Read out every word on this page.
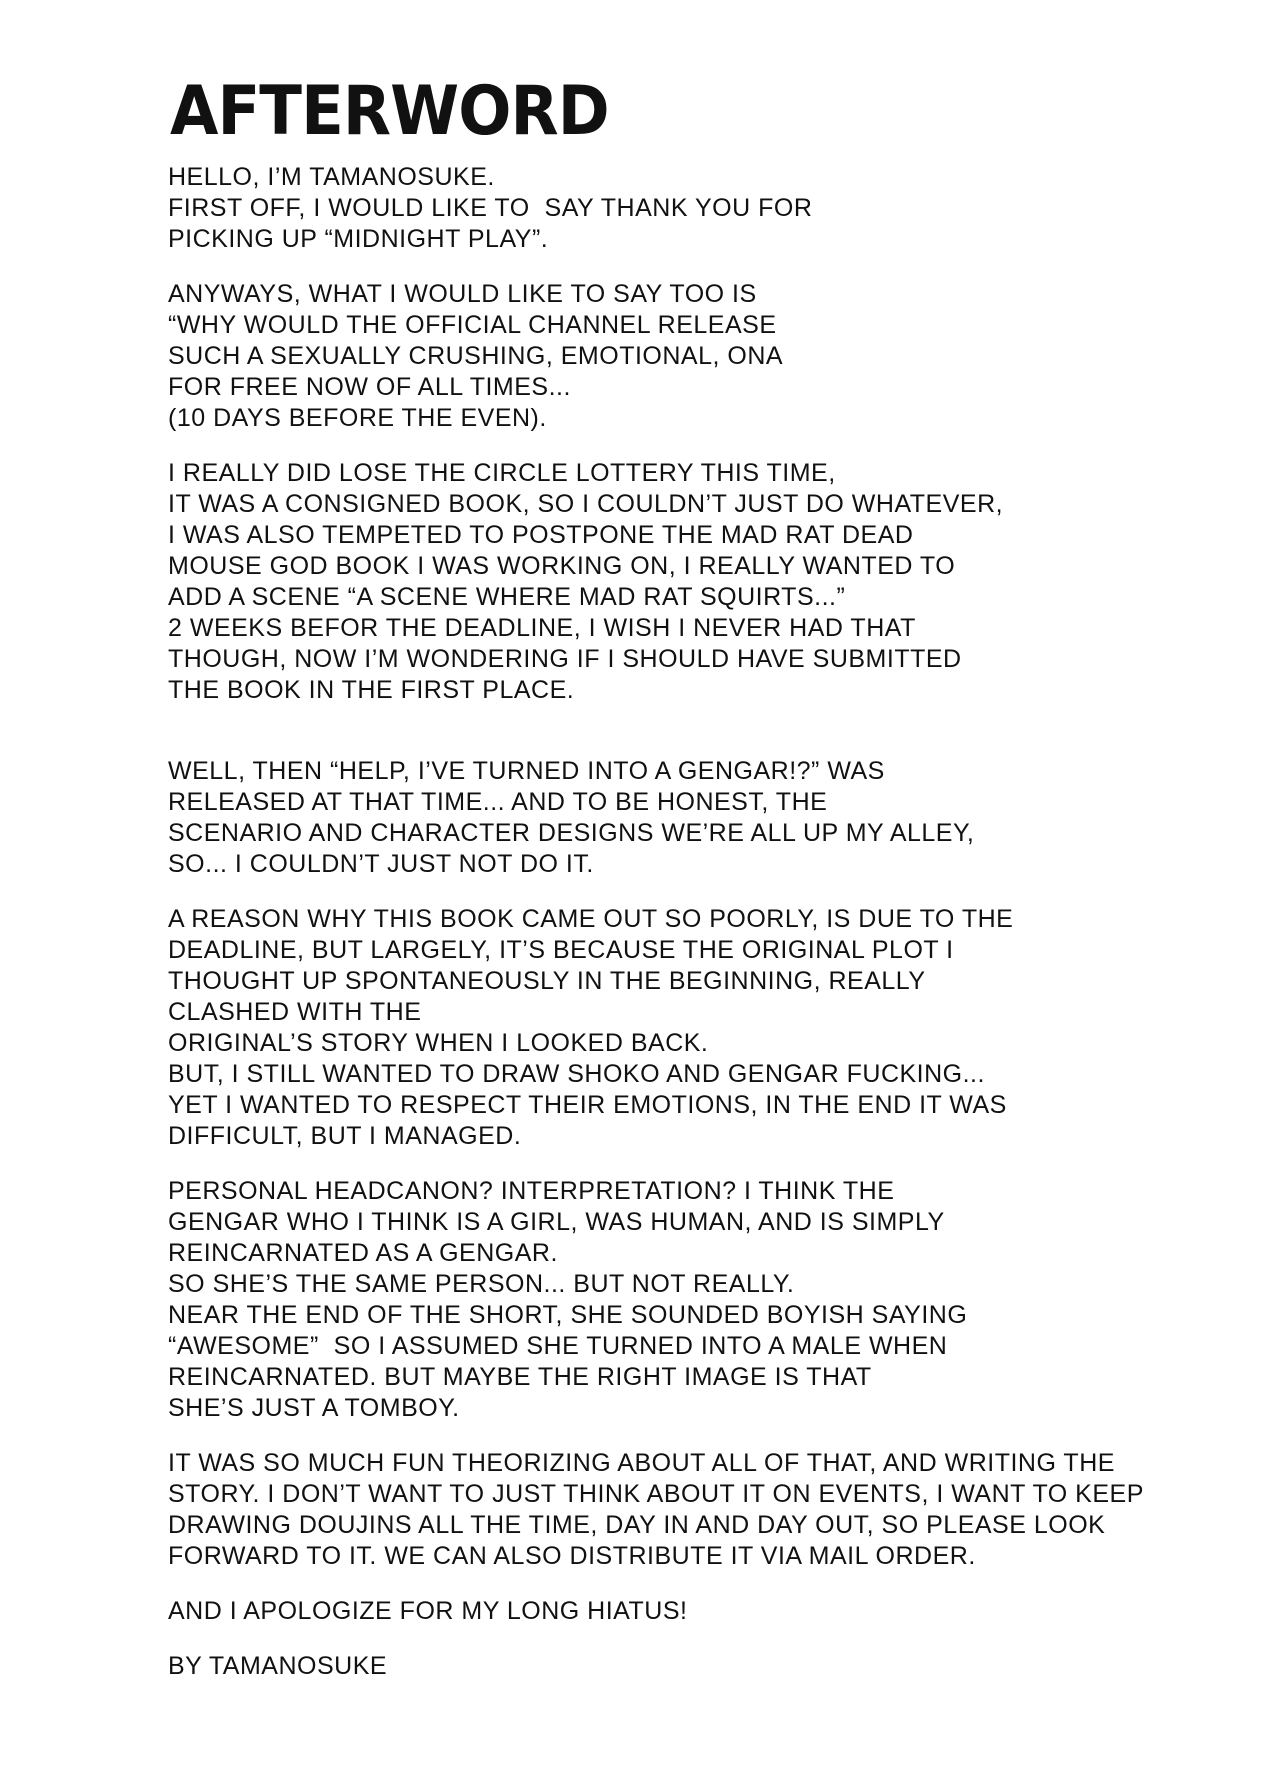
AFTERWORD

HELLO, I’M TAMANOSUKE.
FIRST OFF, I WOULD LIKE TO  SAY THANK YOU FOR
PICKING UP “MIDNIGHT PLAY”.

ANYWAYS, WHAT I WOULD LIKE TO SAY TOO IS
“WHY WOULD THE OFFICIAL CHANNEL RELEASE
SUCH A SEXUALLY CRUSHING, EMOTIONAL, ONA
FOR FREE NOW OF ALL TIMES...
(10 DAYS BEFORE THE EVEN).

I REALLY DID LOSE THE CIRCLE LOTTERY THIS TIME,
IT WAS A CONSIGNED BOOK, SO I COULDN’T JUST DO WHATEVER,
I WAS ALSO TEMPETED TO POSTPONE THE MAD RAT DEAD
MOUSE GOD BOOK I WAS WORKING ON, I REALLY WANTED TO
ADD A SCENE “A SCENE WHERE MAD RAT SQUIRTS...”
2 WEEKS BEFOR THE DEADLINE, I WISH I NEVER HAD THAT
THOUGH, NOW I’M WONDERING IF I SHOULD HAVE SUBMITTED
THE BOOK IN THE FIRST PLACE.

WELL, THEN “HELP, I’VE TURNED INTO A GENGAR!?” WAS
RELEASED AT THAT TIME... AND TO BE HONEST, THE
SCENARIO AND CHARACTER DESIGNS WE’RE ALL UP MY ALLEY,
SO... I COULDN’T JUST NOT DO IT.

A REASON WHY THIS BOOK CAME OUT SO POORLY, IS DUE TO THE
DEADLINE, BUT LARGELY, IT’S BECAUSE THE ORIGINAL PLOT I
THOUGHT UP SPONTANEOUSLY IN THE BEGINNING, REALLY
CLASHED WITH THE
ORIGINAL’S STORY WHEN I LOOKED BACK.
BUT, I STILL WANTED TO DRAW SHOKO AND GENGAR FUCKING...
YET I WANTED TO RESPECT THEIR EMOTIONS, IN THE END IT WAS
DIFFICULT, BUT I MANAGED.

PERSONAL HEADCANON? INTERPRETATION? I THINK THE
GENGAR WHO I THINK IS A GIRL, WAS HUMAN, AND IS SIMPLY
REINCARNATED AS A GENGAR.
SO SHE’S THE SAME PERSON... BUT NOT REALLY.
NEAR THE END OF THE SHORT, SHE SOUNDED BOYISH SAYING
“AWESOME”  SO I ASSUMED SHE TURNED INTO A MALE WHEN
REINCARNATED. BUT MAYBE THE RIGHT IMAGE IS THAT
SHE’S JUST A TOMBOY.

IT WAS SO MUCH FUN THEORIZING ABOUT ALL OF THAT, AND WRITING THE
STORY. I DON’T WANT TO JUST THINK ABOUT IT ON EVENTS, I WANT TO KEEP
DRAWING DOUJINS ALL THE TIME, DAY IN AND DAY OUT, SO PLEASE LOOK
FORWARD TO IT. WE CAN ALSO DISTRIBUTE IT VIA MAIL ORDER.

AND I APOLOGIZE FOR MY LONG HIATUS!

BY TAMANOSUKE
